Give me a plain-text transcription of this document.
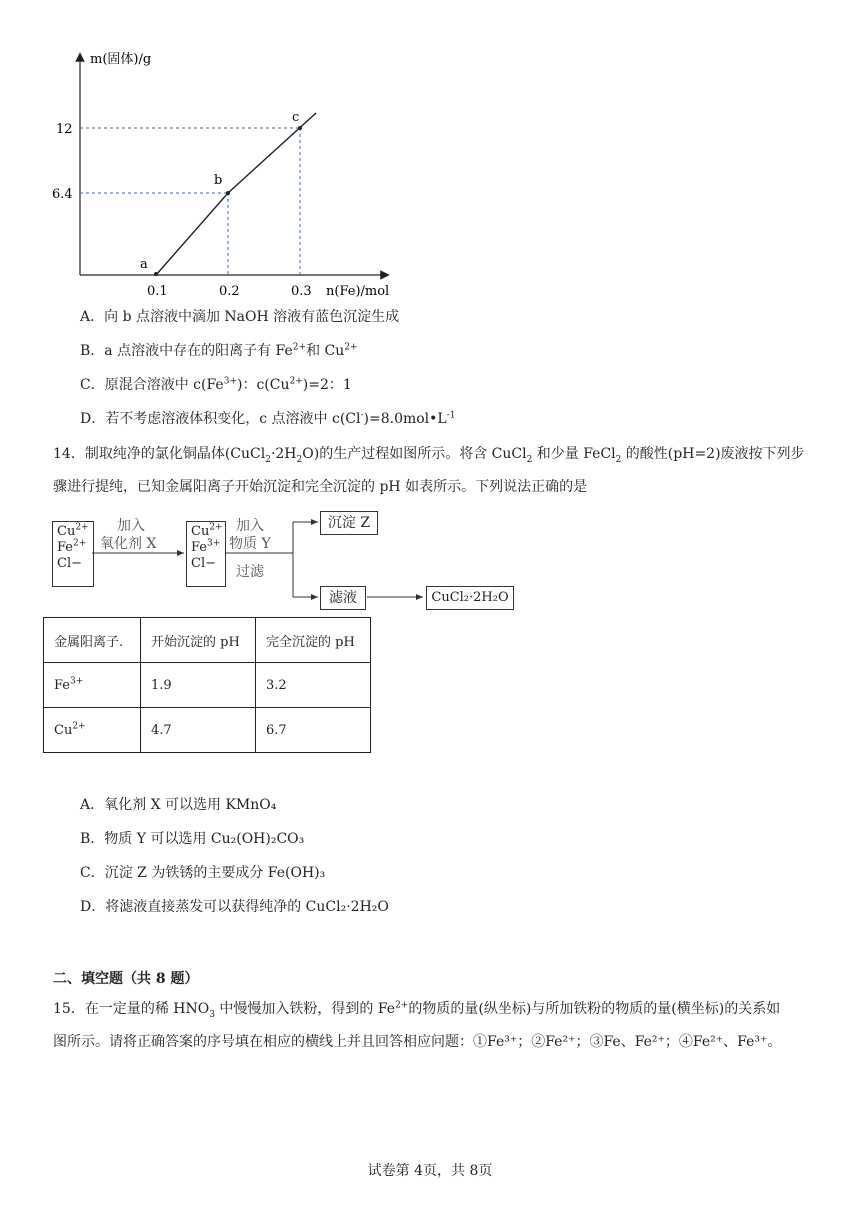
m(固体)/g
n(Fe)/mol
12
6.4
0.1	0.2	0.3
a
b
c
A．向 b 点溶液中滴加 NaOH 溶液有蓝色沉淀生成
B．a 点溶液中存在的阳离子有 $Fe^{2+}$和 $Cu^{2+}$
C．原混合溶液中 $c(Fe^{3+})$：$c(Cu^{2+})=2$：1
D．若不考虑溶液体积变化，c 点溶液中 $c(Cl^-)=8.0mol•L^{-1}$
14．制取纯净的氯化铜晶体$(CuCl_2\cdot 2H_2O)$的生产过程如图所示。将含 CuCl$_2$ 和少量 FeCl$_2$ 的酸性(pH=2)废液按下列步
骤进行提纯，已知金属阳离子开始沉淀和完全沉淀的 pH 如表所示。下列说法正确的是
$Cu^{2+}$
$Fe^{2+}$
Cl−
加入
氧化剂 X
$Cu^{2+}$
$Fe^{3+}$
Cl−
加入
物质 Y
过滤
沉淀 Z
滤液	CuCl₂·2H₂O
金属阳离子.	开始沉淀的 pH	完全沉淀的 pH
$Fe^{3+}$	1.9	3.2
$Cu^{2+}$	4.7	6.7
A．氧化剂 X 可以选用 KMnO₄
B．物质 Y 可以选用 Cu₂(OH)₂CO₃
C．沉淀 Z 为铁锈的主要成分 Fe(OH)₃
D．将滤液直接蒸发可以获得纯净的 CuCl₂·2H₂O
二、填空题（共 8 题）
15．在一定量的稀 $HNO_3$ 中慢慢加入铁粉，得到的 $Fe^{2+}$的物质的量(纵坐标)与所加铁粉的物质的量(横坐标)的关系如
图所示。请将正确答案的序号填在相应的横线上并且回答相应问题：①Fe³⁺；②Fe²⁺；③Fe、Fe²⁺；④Fe²⁺、Fe³⁺。
试卷第 4页，共 8页
